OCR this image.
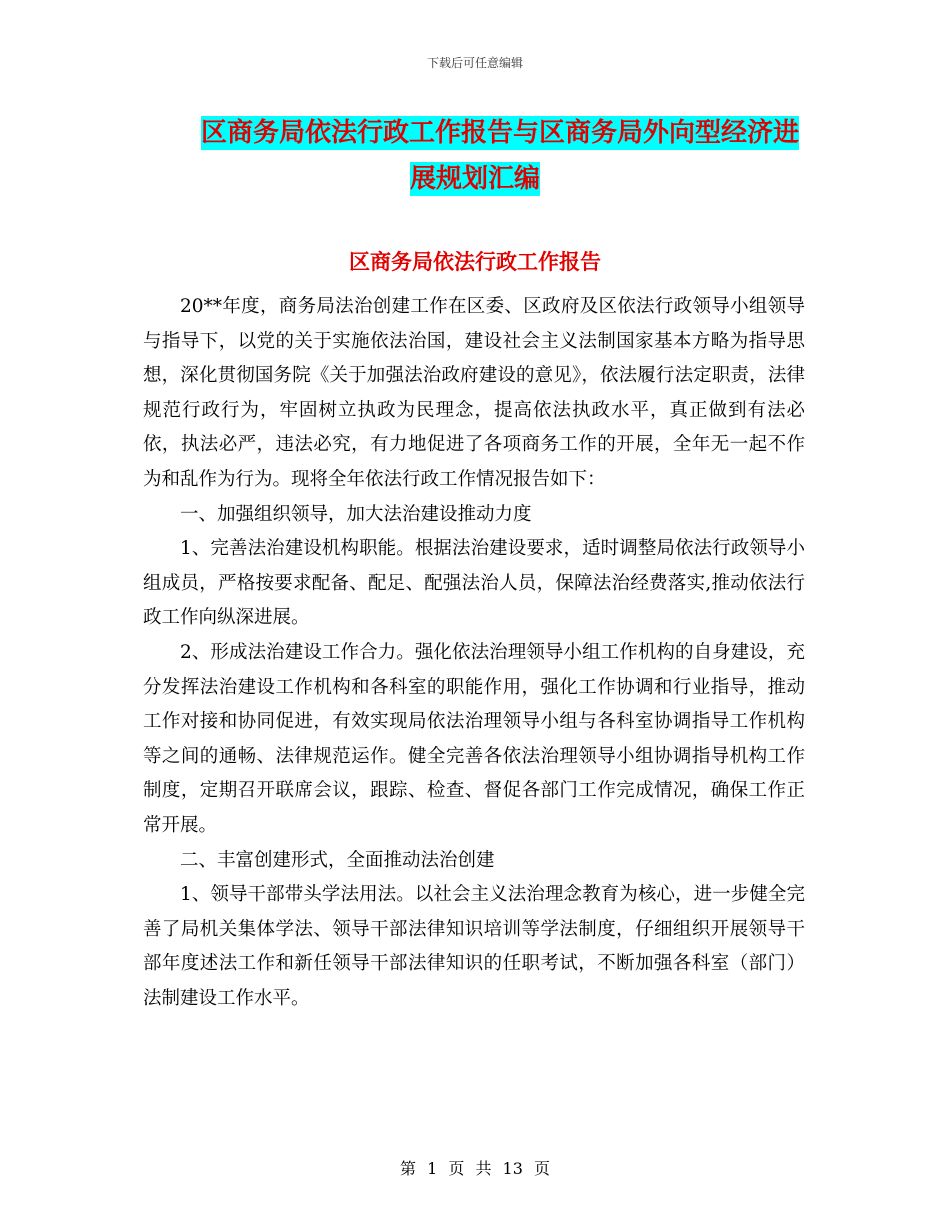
下载后可任意编辑
区商务局依法行政工作报告与区商务局外向型经济进
展规划汇编
区商务局依法行政工作报告

20**年度，商务局法治创建工作在区委、区政府及区依法行政领导小组领导与指导下，以党的关于实施依法治国，建设社会主义法制国家基本方略为指导思想，深化贯彻国务院《关于加强法治政府建设的意见》，依法履行法定职责，法律规范行政行为，牢固树立执政为民理念，提高依法执政水平，真正做到有法必依，执法必严，违法必究，有力地促进了各项商务工作的开展，全年无一起不作为和乱作为行为。现将全年依法行政工作情况报告如下：

一、加强组织领导，加大法治建设推动力度

1、完善法治建设机构职能。根据法治建设要求，适时调整局依法行政领导小组成员，严格按要求配备、配足、配强法治人员，保障法治经费落实,推动依法行政工作向纵深进展。

2、形成法治建设工作合力。强化依法治理领导小组工作机构的自身建设，充分发挥法治建设工作机构和各科室的职能作用，强化工作协调和行业指导，推动工作对接和协同促进，有效实现局依法治理领导小组与各科室协调指导工作机构等之间的通畅、法律规范运作。健全完善各依法治理领导小组协调指导机构工作制度，定期召开联席会议，跟踪、检查、督促各部门工作完成情况，确保工作正常开展。

二、丰富创建形式，全面推动法治创建

1、领导干部带头学法用法。以社会主义法治理念教育为核心，进一步健全完善了局机关集体学法、领导干部法律知识培训等学法制度，仔细组织开展领导干部年度述法工作和新任领导干部法律知识的任职考试，不断加强各科室（部门）法制建设工作水平。

第 1 页 共 13 页
